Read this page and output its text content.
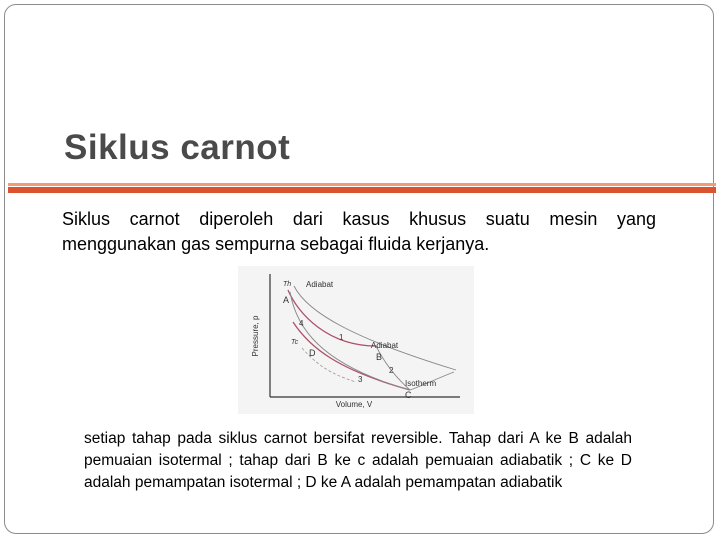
Siklus carnot
Siklus carnot diperoleh dari kasus khusus suatu mesin yang menggunakan gas sempurna sebagai fluida kerjanya.
Pressure, p
Volume, V
Th Adiabat
A
4
Tc
D
1
Adiabat
B
2
3	Isotherm
C
setiap tahap pada siklus carnot bersifat reversible. Tahap dari A ke B adalah pemuaian isotermal ; tahap dari B ke c adalah pemuaian adiabatik ; C ke D adalah pemampatan isotermal ; D ke A adalah pemampatan adiabatik
